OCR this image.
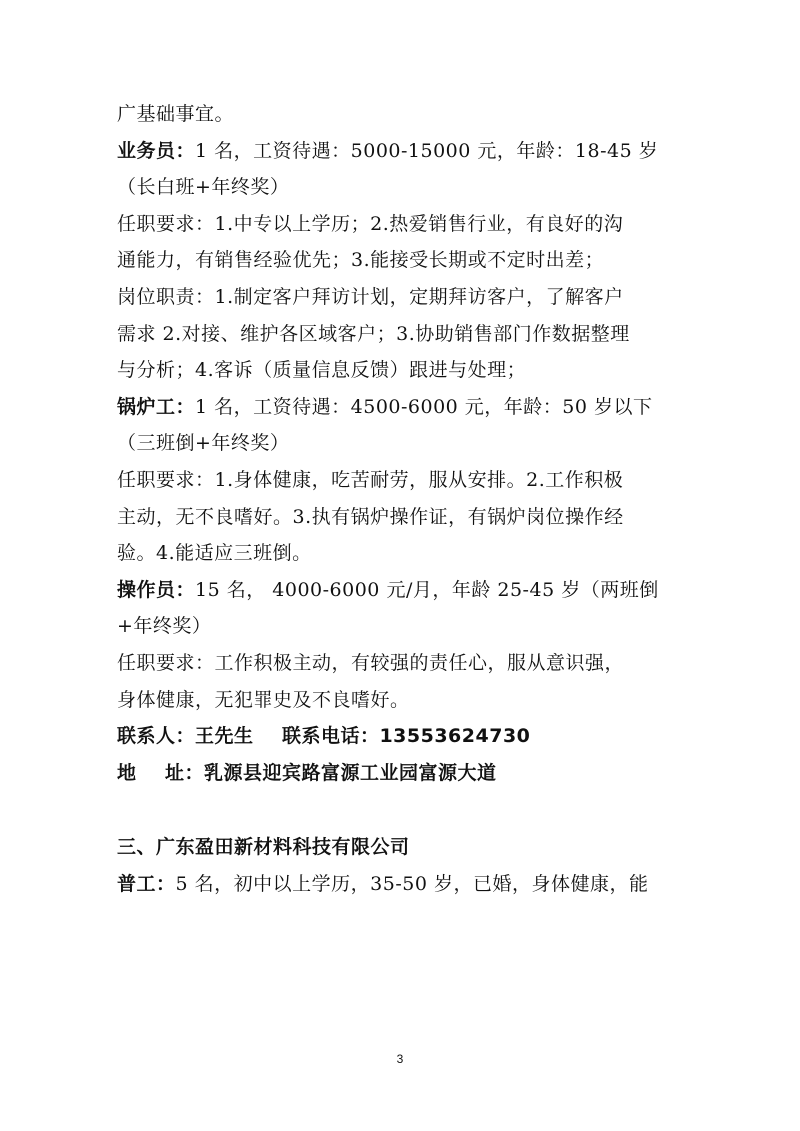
广基础事宜。
业务员：1 名，工资待遇：5000-15000 元，年龄：18-45 岁
（长白班+年终奖）
任职要求：1.中专以上学历；2.热爱销售行业，有良好的沟
通能力，有销售经验优先；3.能接受长期或不定时出差；
岗位职责：1.制定客户拜访计划，定期拜访客户，了解客户
需求 2.对接、维护各区域客户；3.协助销售部门作数据整理
与分析；4.客诉（质量信息反馈）跟进与处理；
锅炉工：1 名，工资待遇：4500-6000 元，年龄：50 岁以下
（三班倒+年终奖）
任职要求：1.身体健康，吃苦耐劳，服从安排。2.工作积极
主动，无不良嗜好。3.执有锅炉操作证，有锅炉岗位操作经
验。4.能适应三班倒。
操作员：15 名， 4000-6000 元/月，年龄 25-45 岁（两班倒
+年终奖）
任职要求：工作积极主动，有较强的责任心，服从意识强，
身体健康，无犯罪史及不良嗜好。
联系人：王先生    联系电话：13553624730
地    址：乳源县迎宾路富源工业园富源大道
三、广东盈田新材料科技有限公司
普工：5 名，初中以上学历，35-50 岁，已婚，身体健康，能
3
